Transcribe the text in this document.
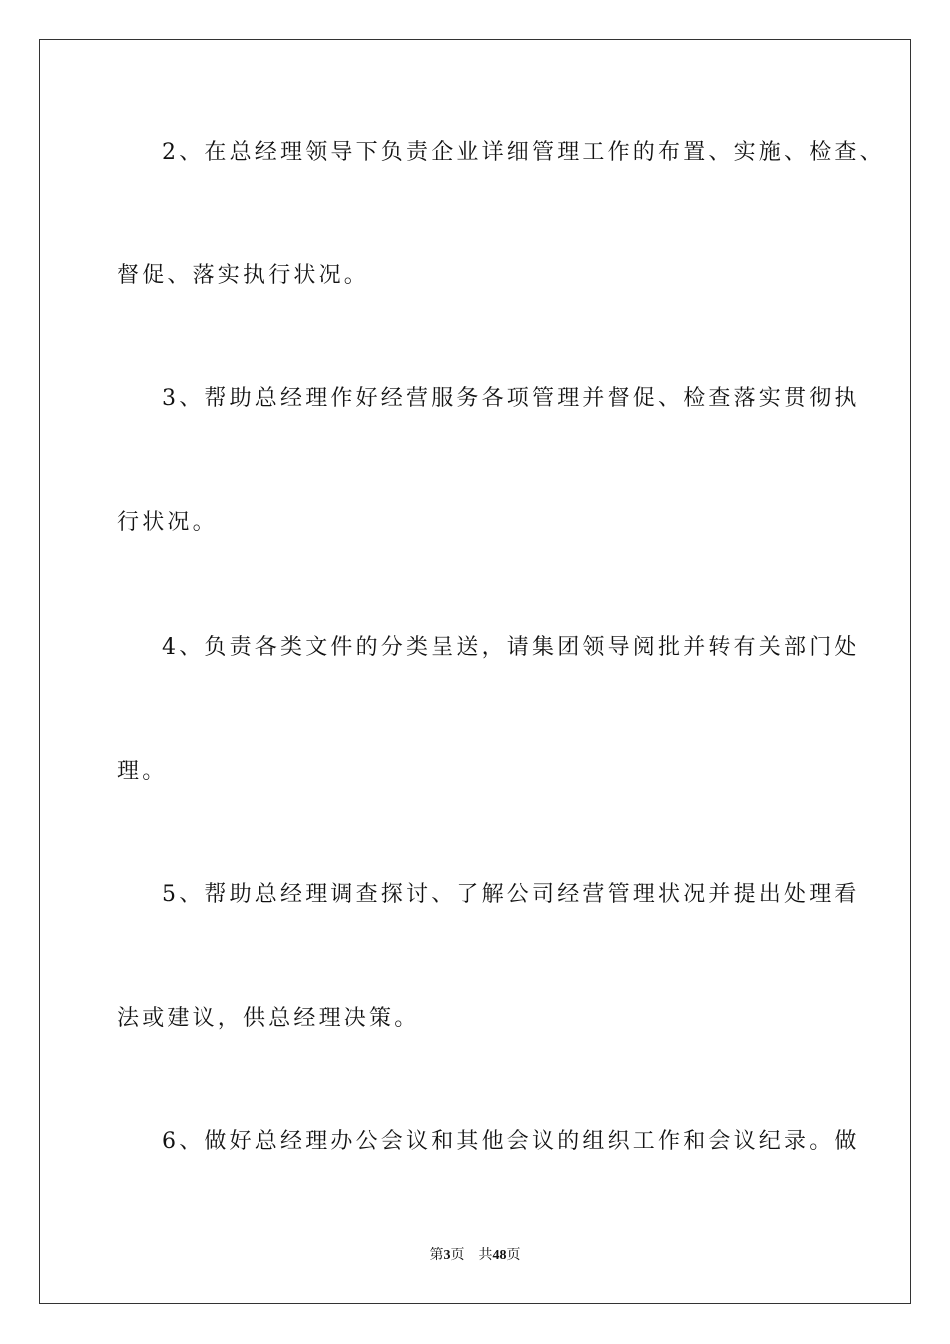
2、在总经理领导下负责企业详细管理工作的布置、实施、检查、
督促、落实执行状况。
3、帮助总经理作好经营服务各项管理并督促、检查落实贯彻执
行状况。
4、负责各类文件的分类呈送，请集团领导阅批并转有关部门处
理。
5、帮助总经理调查探讨、了解公司经营管理状况并提出处理看
法或建议，供总经理决策。
6、做好总经理办公会议和其他会议的组织工作和会议纪录。做
第3页 共48页
